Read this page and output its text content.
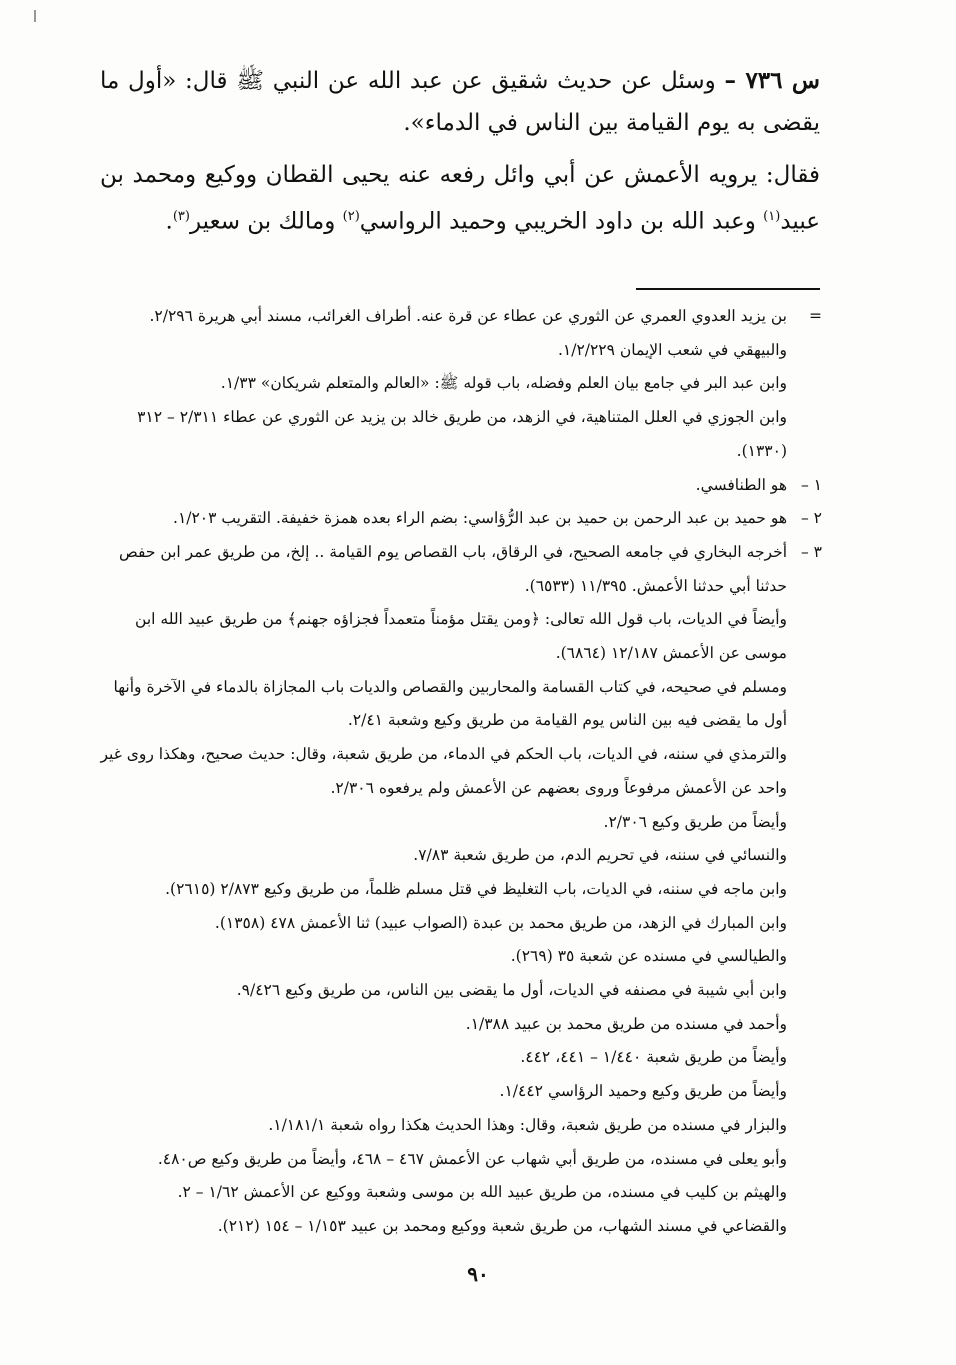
س ٧٣٦ – وسئل عن حديث شقيق عن عبد الله عن النبي ﷺ قال: «أول ما يقضى به يوم القيامة بين الناس في الدماء».

فقال: يرويه الأعمش عن أبي وائل رفعه عنه يحيى القطان ووكيع ومحمد بن عبيد$^{(١)}$ وعبد الله بن داود الخريبي وحميد الرواسي$^{(٢)}$ ومالك بن سعير$^{(٣)}$.

=
بن يزيد العدوي العمري عن الثوري عن عطاء عن قرة عنه. أطراف الغرائب، مسند أبي هريرة ٢/٢٩٦.

والبيهقي في شعب الإيمان ١/٢/٢٢٩.

وابن عبد البر في جامع بيان العلم وفضله، باب قوله ﷺ: «العالم والمتعلم شريكان» ١/٣٣.

وابن الجوزي في العلل المتناهية، في الزهد، من طريق خالد بن يزيد عن الثوري عن عطاء ٢/٣١١ – ٣١٢ (١٣٣٠).

١ –
هو الطنافسي.

٢ –
هو حميد بن عبد الرحمن بن حميد بن عبد الرُّؤاسي: بضم الراء بعده همزة خفيفة. التقريب ١/٢٠٣.

٣ –
أخرجه البخاري في جامعه الصحيح، في الرقاق، باب القصاص يوم القيامة .. إلخ، من طريق عمر ابن حفص حدثنا أبي حدثنا الأعمش. ١١/٣٩٥ (٦٥٣٣).

وأيضاً في الديات، باب قول الله تعالى: ﴿ومن يقتل مؤمناً متعمداً فجزاؤه جهنم﴾ من طريق عبيد الله ابن موسى عن الأعمش ١٢/١٨٧ (٦٨٦٤).

ومسلم في صحيحه، في كتاب القسامة والمحاربين والقصاص والديات باب المجازاة بالدماء في الآخرة وأنها أول ما يقضى فيه بين الناس يوم القيامة من طريق وكيع وشعبة ٢/٤١.

والترمذي في سننه، في الديات، باب الحكم في الدماء، من طريق شعبة، وقال: حديث صحيح، وهكذا روى غير واحد عن الأعمش مرفوعاً وروى بعضهم عن الأعمش ولم يرفعوه ٢/٣٠٦.

وأيضاً من طريق وكيع ٢/٣٠٦.

والنسائي في سننه، في تحريم الدم، من طريق شعبة ٧/٨٣.

وابن ماجه في سننه، في الديات، باب التغليظ في قتل مسلم ظلماً، من طريق وكيع ٢/٨٧٣ (٢٦١٥).

وابن المبارك في الزهد، من طريق محمد بن عبدة (الصواب عبيد) ثنا الأعمش ٤٧٨ (١٣٥٨).

والطيالسي في مسنده عن شعبة ٣٥ (٢٦٩).

وابن أبي شيبة في مصنفه في الديات، أول ما يقضى بين الناس، من طريق وكيع ٩/٤٢٦.

وأحمد في مسنده من طريق محمد بن عبيد ١/٣٨٨.

وأيضاً من طريق شعبة ١/٤٤٠ – ٤٤١، ٤٤٢.

وأيضاً من طريق وكيع وحميد الرؤاسي ١/٤٤٢.

والبزار في مسنده من طريق شعبة، وقال: وهذا الحديث هكذا رواه شعبة ١/١٨١/١.

وأبو يعلى في مسنده، من طريق أبي شهاب عن الأعمش ٤٦٧ – ٤٦٨، وأيضاً من طريق وكيع ص٤٨٠.

والهيثم بن كليب في مسنده، من طريق عبيد الله بن موسى وشعبة ووكيع عن الأعمش ١/٦٢ – ٢.

والقضاعي في مسند الشهاب، من طريق شعبة ووكيع ومحمد بن عبيد ١/١٥٣ – ١٥٤ (٢١٢).

٩٠
